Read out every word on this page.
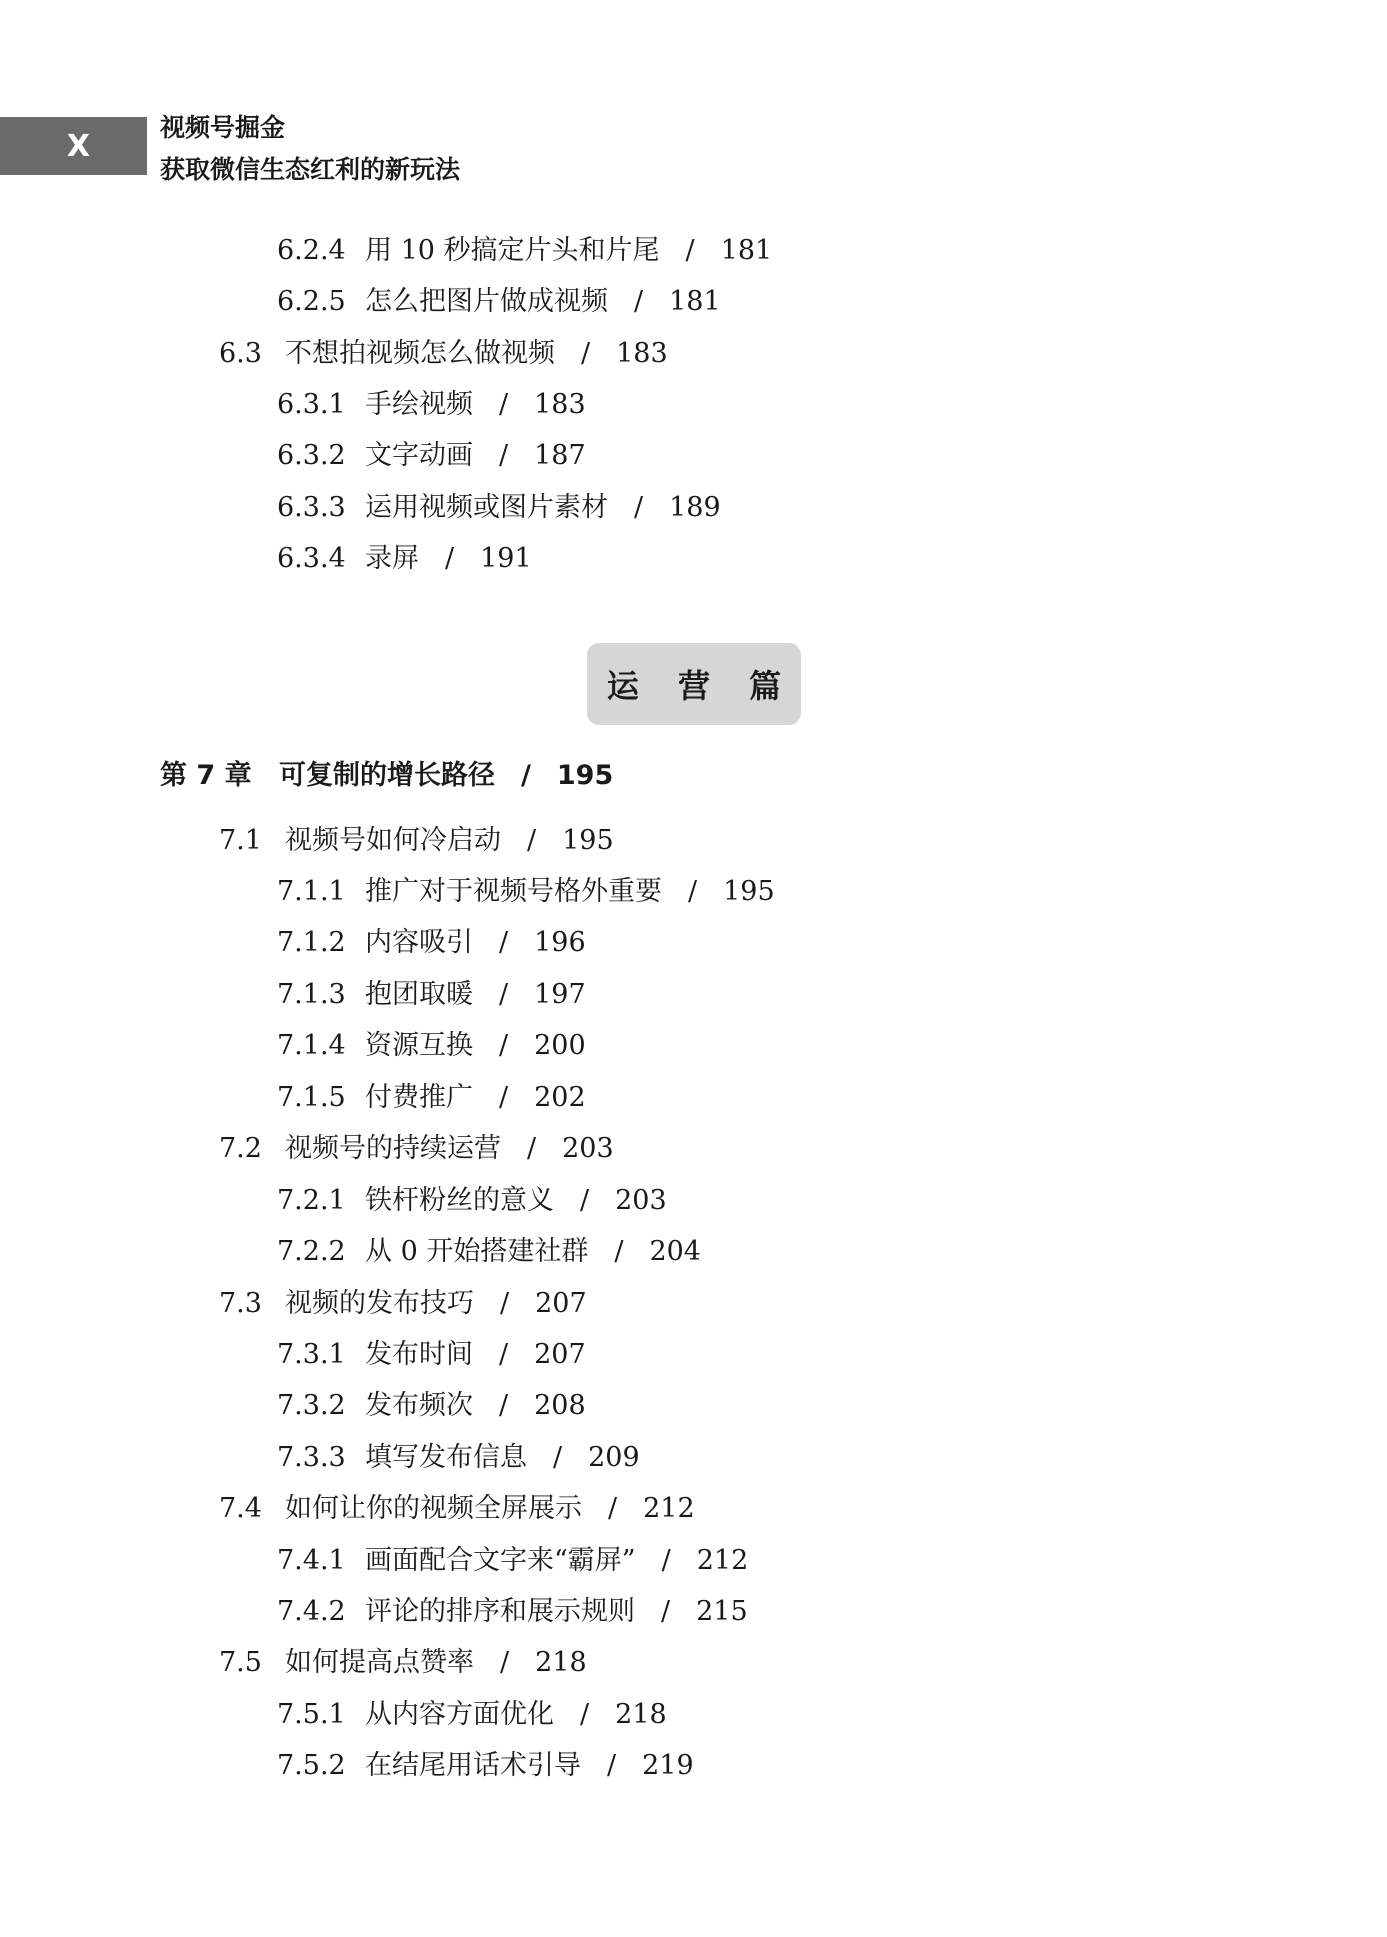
X
视频号掘金
获取微信生态红利的新玩法
运 营 篇
6.2.4 用 10 秒搞定片头和片尾 / 181
6.2.5 怎么把图片做成视频 / 181
6.3 不想拍视频怎么做视频 / 183
6.3.1 手绘视频 / 183
6.3.2 文字动画 / 187
6.3.3 运用视频或图片素材 / 189
6.3.4 录屏 / 191
第 7 章 可复制的增长路径 / 195
7.1 视频号如何冷启动 / 195
7.1.1 推广对于视频号格外重要 / 195
7.1.2 内容吸引 / 196
7.1.3 抱团取暖 / 197
7.1.4 资源互换 / 200
7.1.5 付费推广 / 202
7.2 视频号的持续运营 / 203
7.2.1 铁杆粉丝的意义 / 203
7.2.2 从 0 开始搭建社群 / 204
7.3 视频的发布技巧 / 207
7.3.1 发布时间 / 207
7.3.2 发布频次 / 208
7.3.3 填写发布信息 / 209
7.4 如何让你的视频全屏展示 / 212
7.4.1 画面配合文字来“霸屏” / 212
7.4.2 评论的排序和展示规则 / 215
7.5 如何提高点赞率 / 218
7.5.1 从内容方面优化 / 218
7.5.2 在结尾用话术引导 / 219
